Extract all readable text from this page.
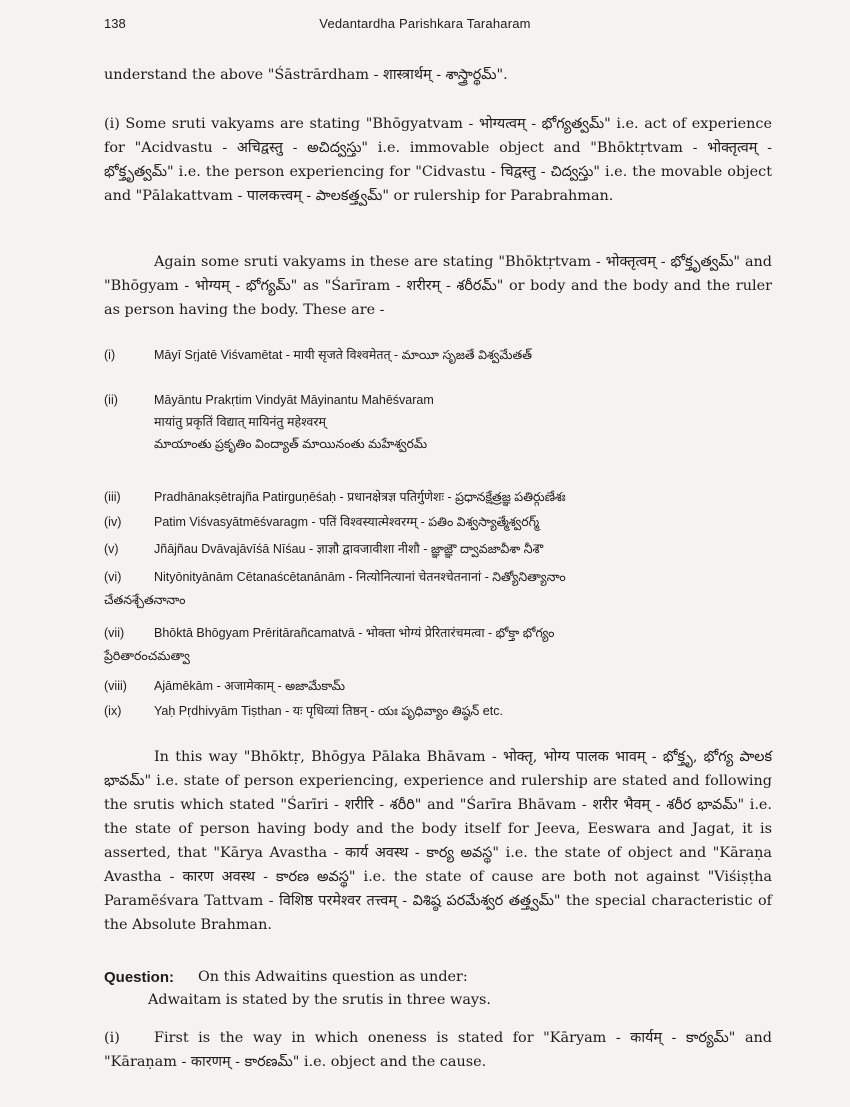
138	Vedantardha Parishkara Taraharam
understand the above "Śāstrārdham - शास्त्रार्थम् - శాస్త్రార్థమ్".
(i) Some sruti vakyams are stating "Bhōgyatvam - भोग्यत्वम् - భోగ్యత్వమ్" i.e. act of experience for "Acidvastu - अचिद्वस्तु - అచిద్వస్తు" i.e. immovable object and "Bhōktṛtvam - भोक्तृत्वम् - భోక్తృత్వమ్" i.e. the person experiencing for "Cidvastu - चिद्वस्तु - చిద్వస్తు" i.e. the movable object and "Pālakattvam - पालकत्त्वम् - పాలకత్త్వమ్" or rulership for Parabrahman.
Again some sruti vakyams in these are stating "Bhōktṛtvam - भोक्तृत्वम् - భోక్తృత్వమ్" and "Bhōgyam - भोग्यम् - భోగ్యమ్" as "Śarīram - शरीरम् - శరీరమ్" or body and the body and the ruler as person having the body. These are -
(i)	Māyī Sṛjatē Viśvamētat - मायी सृजते विश्वमेतत् - మాయీ సృజతే విశ్వమేతత్
(ii)	Māyāntu Prakṛtim Vindyāt Māyinantu Mahēśvaram
मायांतु प्रकृतिं विद्यात् मायिनंतु महेश्वरम्
మాయాంతు ప్రకృతిం వింద్యాత్ మాయినంతు మహేశ్వరమ్
(iii)	Pradhānakṣētrajña Patirguṇēśaḥ - प्रधानक्षेत्रज्ञ पतिर्गुणेशः - ప్రధానక్షేత్రజ్ఞ పతిర్గుణేశః
(iv)	Patim Viśvasyātmēśvaragm - पतिं विश्वस्यात्मेश्वरग्म् - పతిం విశ్వస్యాత్మేశ్వరగ్మ్
(v)	Jñājñau Dvāvajāvīśā Nīśau - ज्ञाज्ञौ द्वावजावीशा नीशौ - జ్ఞాజ్ఞౌ ద్వావజావీశా నీశౌ
(vi)	Nityōnityānām Cētanaścētanānām - नित्योनित्यानां चेतनश्चेतनानां - నిత్యోనిత్యానాం
చేతనశ్చేతనానాం
(vii) Bhōktā Bhōgyam Prēritārañcamatvā - भोक्ता भोग्यं प्रेरितारंचमत्वा - భోక్తా భోగ్యం
ప్రేరితారంచమత్వా
(viii) Ajāmēkām - अजामेकाम् - అజామేకామ్
(ix)	Yaḥ Pṛdhivyām Tiṣthan - यः पृधिव्यां तिष्ठन् - యః పృధివ్యాం తిష్ఠన్ etc.
In this way "Bhōktṛ, Bhōgya Pālaka Bhāvam - भोक्तृ, भोग्य पालक भावम् - భోక్తృ, భోగ్య పాలక భావమ్" i.e. state of person experiencing, experience and rulership are stated and following the srutis which stated "Śarīri - शरीरि - శరీరి" and "Śarīra Bhāvam - शरीर भैवम् - శరీర భావమ్" i.e. the state of person having body and the body itself for Jeeva, Eeswara and Jagat, it is asserted, that "Kārya Avastha - कार्य अवस्थ - కార్య అవస్థ" i.e. the state of object and "Kāraṇa Avastha - कारण अवस्थ - కారణ అవస్థ" i.e. the state of cause are both not against "Viśiṣṭha Paramēśvara Tattvam - विशिष्ठ परमेश्वर तत्त्वम् - విశిష్ఠ పరమేశ్వర తత్త్వమ్" the special characteristic of the Absolute Brahman.
Question: On this Adwaitins question as under:
Adwaitam is stated by the srutis in three ways.
(i) First is the way in which oneness is stated for "Kāryam - कार्यम् - కార్యమ్" and "Kāraṇam - कारणम् - కారణమ్" i.e. object and the cause.
